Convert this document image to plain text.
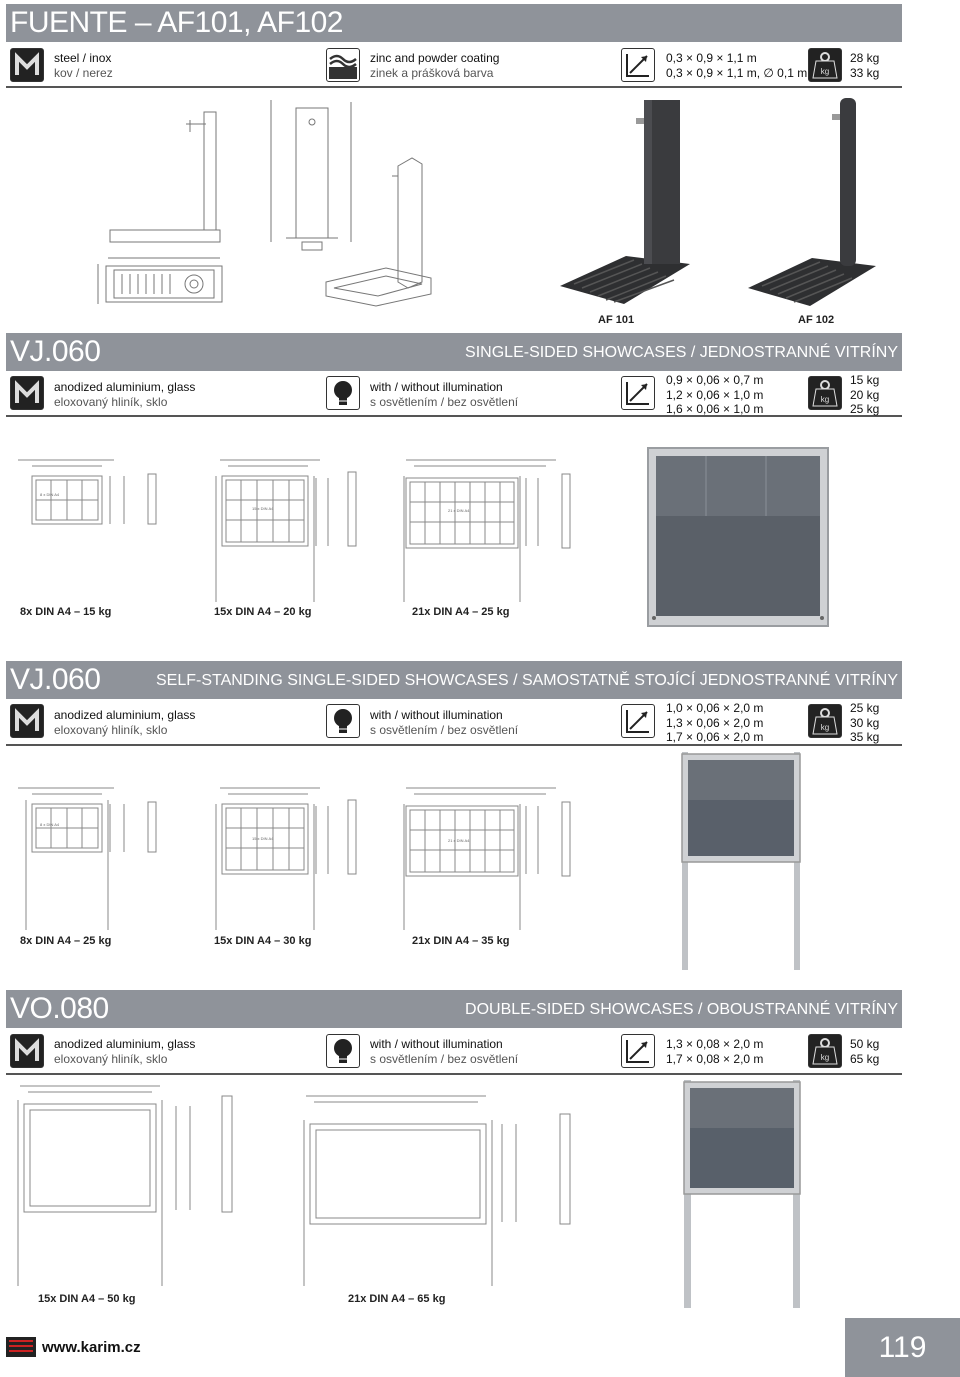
FUENTE – AF101, AF102
steel / inox
kov / nerez
zinc and powder coating
zinek a prášková barva
0,3 × 0,9 × 1,1 m
0,3 × 0,9 × 1,1 m, ∅ 0,1 m kg
28 kg
33 kg
AF 101	AF 102
VJ.060	SINGLE-SIDED SHOWCASES / JEDNOSTRANNÉ VITRÍNY
anodized aluminium, glass
eloxovaný hliník, sklo
with / without illumination
s osvětlením / bez osvětlení
0,9 × 0,06 × 0,7 m
1,2 × 0,06 × 1,0 m
1,6 × 0,06 × 1,0 m
kg
15 kg
20 kg
25 kg
8 x DIN A4
8x DIN A4 – 15 kg
15 x DIN A4
15x DIN A4 – 20 kg
21 x DIN A4
21x DIN A4 – 25 kg
VJ.060	SELF-STANDING SINGLE-SIDED SHOWCASES / SAMOSTATNĚ STOJÍCÍ JEDNOSTRANNÉ VITRÍNY
anodized aluminium, glass
eloxovaný hliník, sklo
with / without illumination
s osvětlením / bez osvětlení
1,0 × 0,06 × 2,0 m
1,3 × 0,06 × 2,0 m
1,7 × 0,06 × 2,0 m
kg
25 kg
30 kg
35 kg
8 x DIN A4
8x DIN A4 – 25 kg
15 x DIN A4
15x DIN A4 – 30 kg
21 x DIN A4
21x DIN A4 – 35 kg
VO.080	DOUBLE-SIDED SHOWCASES / OBOUSTRANNÉ VITRÍNY
anodized aluminium, glass
eloxovaný hliník, sklo
with / without illumination
s osvětlením / bez osvětlení
1,3 × 0,08 × 2,0 m
1,7 × 0,08 × 2,0 m	kg
50 kg
65 kg
15x DIN A4 – 50 kg	21x DIN A4 – 65 kg
www.karim.cz	119
